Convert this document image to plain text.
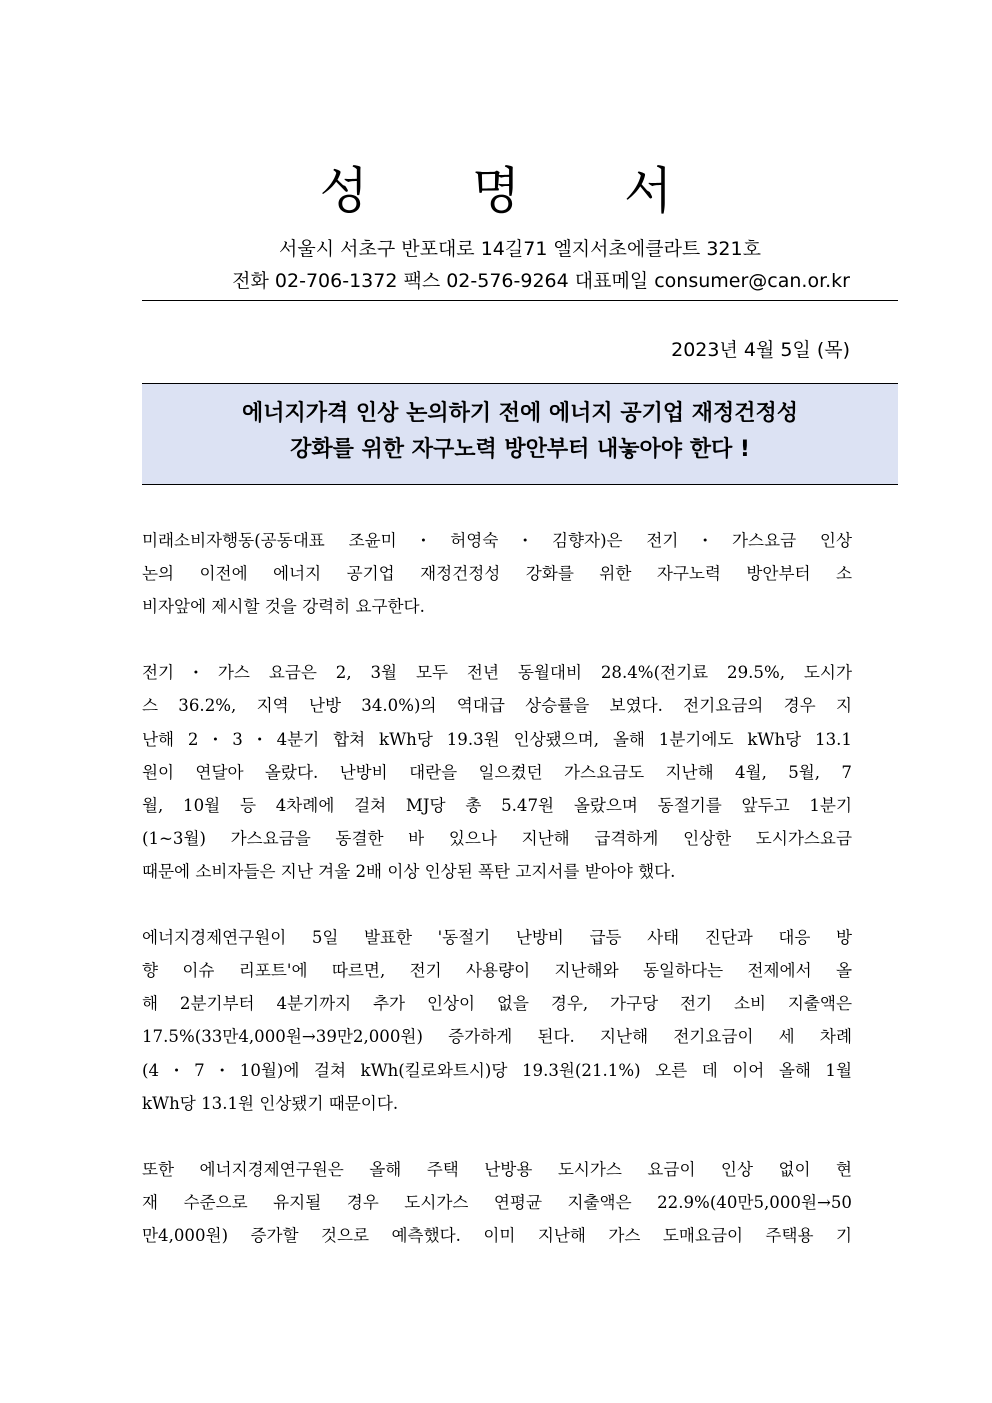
성 명 서
서울시 서초구 반포대로 14길71 엘지서초에클라트 321호
전화 02-706-1372 팩스 02-576-9264 대표메일 consumer@can.or.kr
2023년 4월 5일 (목)
에너지가격 인상 논의하기 전에 에너지 공기업 재정건정성
강화를 위한 자구노력 방안부터 내놓아야 한다 !

미래소비자행동(공동대표 조윤미・허영숙・김향자)은 전기・가스요금 인상
논의 이전에 에너지 공기업 재정건정성 강화를 위한 자구노력 방안부터 소
비자앞에 제시할 것을 강력히 요구한다.

전기・가스 요금은 2, 3월 모두 전년 동월대비 28.4%(전기료 29.5%, 도시가
스 36.2%, 지역 난방 34.0%)의 역대급 상승률을 보였다. 전기요금의 경우 지
난해 2・3・4분기 합쳐 kWh당 19.3원 인상됐으며, 올해 1분기에도 kWh당 13.1
원이 연달아 올랐다. 난방비 대란을 일으켰던 가스요금도 지난해 4월, 5월, 7
월, 10월 등 4차례에 걸쳐 MJ당 총 5.47원 올랐으며 동절기를 앞두고 1분기
(1~3월) 가스요금을 동결한 바 있으나 지난해 급격하게 인상한 도시가스요금
때문에 소비자들은 지난 겨울 2배 이상 인상된 폭탄 고지서를 받아야 했다.

에너지경제연구원이 5일 발표한 '동절기 난방비 급등 사태 진단과 대응 방
향 이슈 리포트'에 따르면, 전기 사용량이 지난해와 동일하다는 전제에서 올
해 2분기부터 4분기까지 추가 인상이 없을 경우, 가구당 전기 소비 지출액은
17.5%(33만4,000원→39만2,000원) 증가하게 된다. 지난해 전기요금이 세 차례
(4・7・10월)에 걸쳐 kWh(킬로와트시)당 19.3원(21.1%) 오른 데 이어 올해 1월
kWh당 13.1원 인상됐기 때문이다.

또한 에너지경제연구원은 올해 주택 난방용 도시가스 요금이 인상 없이 현
재 수준으로 유지될 경우 도시가스 연평균 지출액은 22.9%(40만5,000원→50
만4,000원) 증가할 것으로 예측했다. 이미 지난해 가스 도매요금이 주택용 기
